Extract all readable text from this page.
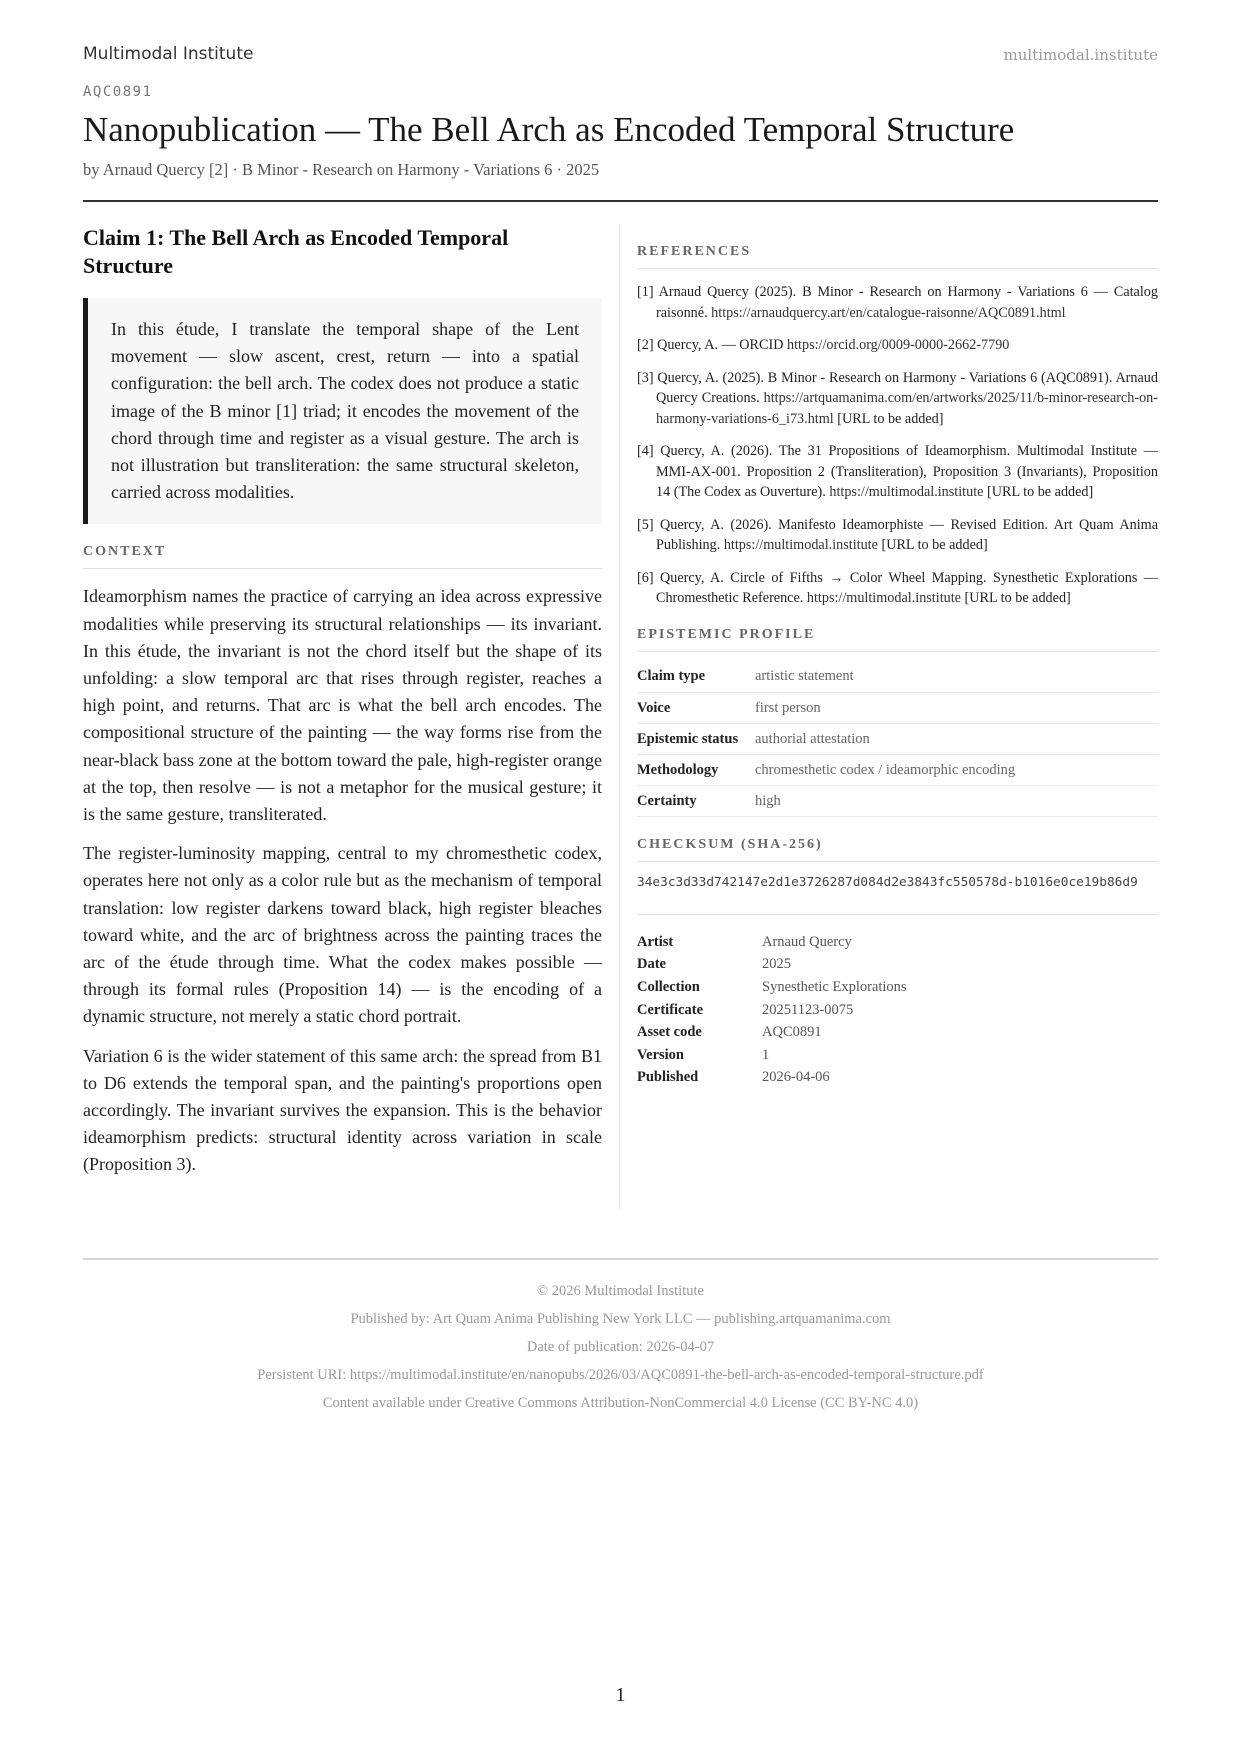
Multimodal Institute	multimodal.institute
AQC0891
Nanopublication — The Bell Arch as Encoded Temporal Structure
by Arnaud Quercy [2] · B Minor - Research on Harmony - Variations 6 · 2025
Claim 1: The Bell Arch as Encoded Temporal Structure
In this étude, I translate the temporal shape of the Lent movement — slow ascent, crest, return — into a spatial configuration: the bell arch. The codex does not produce a static image of the B minor [1] triad; it encodes the movement of the chord through time and register as a visual gesture. The arch is not illustration but transliteration: the same structural skeleton, carried across modalities.
CONTEXT

Ideamorphism names the practice of carrying an idea across expressive modalities while preserving its structural relationships — its invariant. In this étude, the invariant is not the chord itself but the shape of its unfolding: a slow temporal arc that rises through register, reaches a high point, and returns. That arc is what the bell arch encodes. The compositional structure of the painting — the way forms rise from the near-black bass zone at the bottom toward the pale, high-register orange at the top, then resolve — is not a metaphor for the musical gesture; it is the same gesture, transliterated.

The register-luminosity mapping, central to my chromesthetic codex, operates here not only as a color rule but as the mechanism of temporal translation: low register darkens toward black, high register bleaches toward white, and the arc of brightness across the painting traces the arc of the étude through time. What the codex makes possible — through its formal rules (Proposition 14) — is the encoding of a dynamic structure, not merely a static chord portrait.

Variation 6 is the wider statement of this same arch: the spread from B1 to D6 extends the temporal span, and the painting's proportions open accordingly. The invariant survives the expansion. This is the behavior ideamorphism predicts: structural identity across variation in scale (Proposition 3).

REFERENCES
[1] Arnaud Quercy (2025). B Minor - Research on Harmony - Variations 6 — Catalog raisonné. https://arnaudquercy.art/en/catalogue-raisonne/AQC0891.html
[2] Quercy, A. — ORCID https://orcid.org/0009-0000-2662-7790
[3] Quercy, A. (2025). B Minor - Research on Harmony - Variations 6 (AQC0891). Arnaud Quercy Creations. https://artquamanima.com/en/artworks/2025/11/b-minor-research-on-harmony-variations-6_i73.html [URL to be added]
[4] Quercy, A. (2026). The 31 Propositions of Ideamorphism. Multimodal Institute — MMI-AX-001. Proposition 2 (Transliteration), Proposition 3 (Invariants), Proposition 14 (The Codex as Ouverture). https://multimodal.institute [URL to be added]
[5] Quercy, A. (2026). Manifesto Ideamorphiste — Revised Edition. Art Quam Anima Publishing. https://multimodal.institute [URL to be added]
[6] Quercy, A. Circle of Fifths → Color Wheel Mapping. Synesthetic Explorations — Chromesthetic Reference. https://multimodal.institute [URL to be added]
EPISTEMIC PROFILE
Claim type	artistic statement
Voice	first person
Epistemic status	authorial attestation
Methodology	chromesthetic codex / ideamorphic encoding
Certainty	high
CHECKSUM (SHA-256)
34e3c3d33d742147e2d1e3726287d084d2e3843fc550578d-b1016e0ce19b86d9
Artist	Arnaud Quercy
Date	2025
Collection	Synesthetic Explorations
Certificate	20251123-0075
Asset code	AQC0891
Version	1
Published	2026-04-06
© 2026 Multimodal Institute
Published by: Art Quam Anima Publishing New York LLC — publishing.artquamanima.com
Date of publication: 2026-04-07
Persistent URI: https://multimodal.institute/en/nanopubs/2026/03/AQC0891-the-bell-arch-as-encoded-temporal-structure.pdf
Content available under Creative Commons Attribution-NonCommercial 4.0 License (CC BY-NC 4.0)
1
